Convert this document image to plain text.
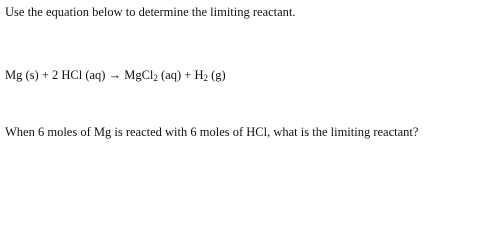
Use the equation below to determine the limiting reactant.
Mg (s) + 2 HCl (aq) → MgCl$_2$ $(aq) + H_2$ (g)
When 6 moles of Mg is reacted with 6 moles of HCl, what is the limiting reactant?
